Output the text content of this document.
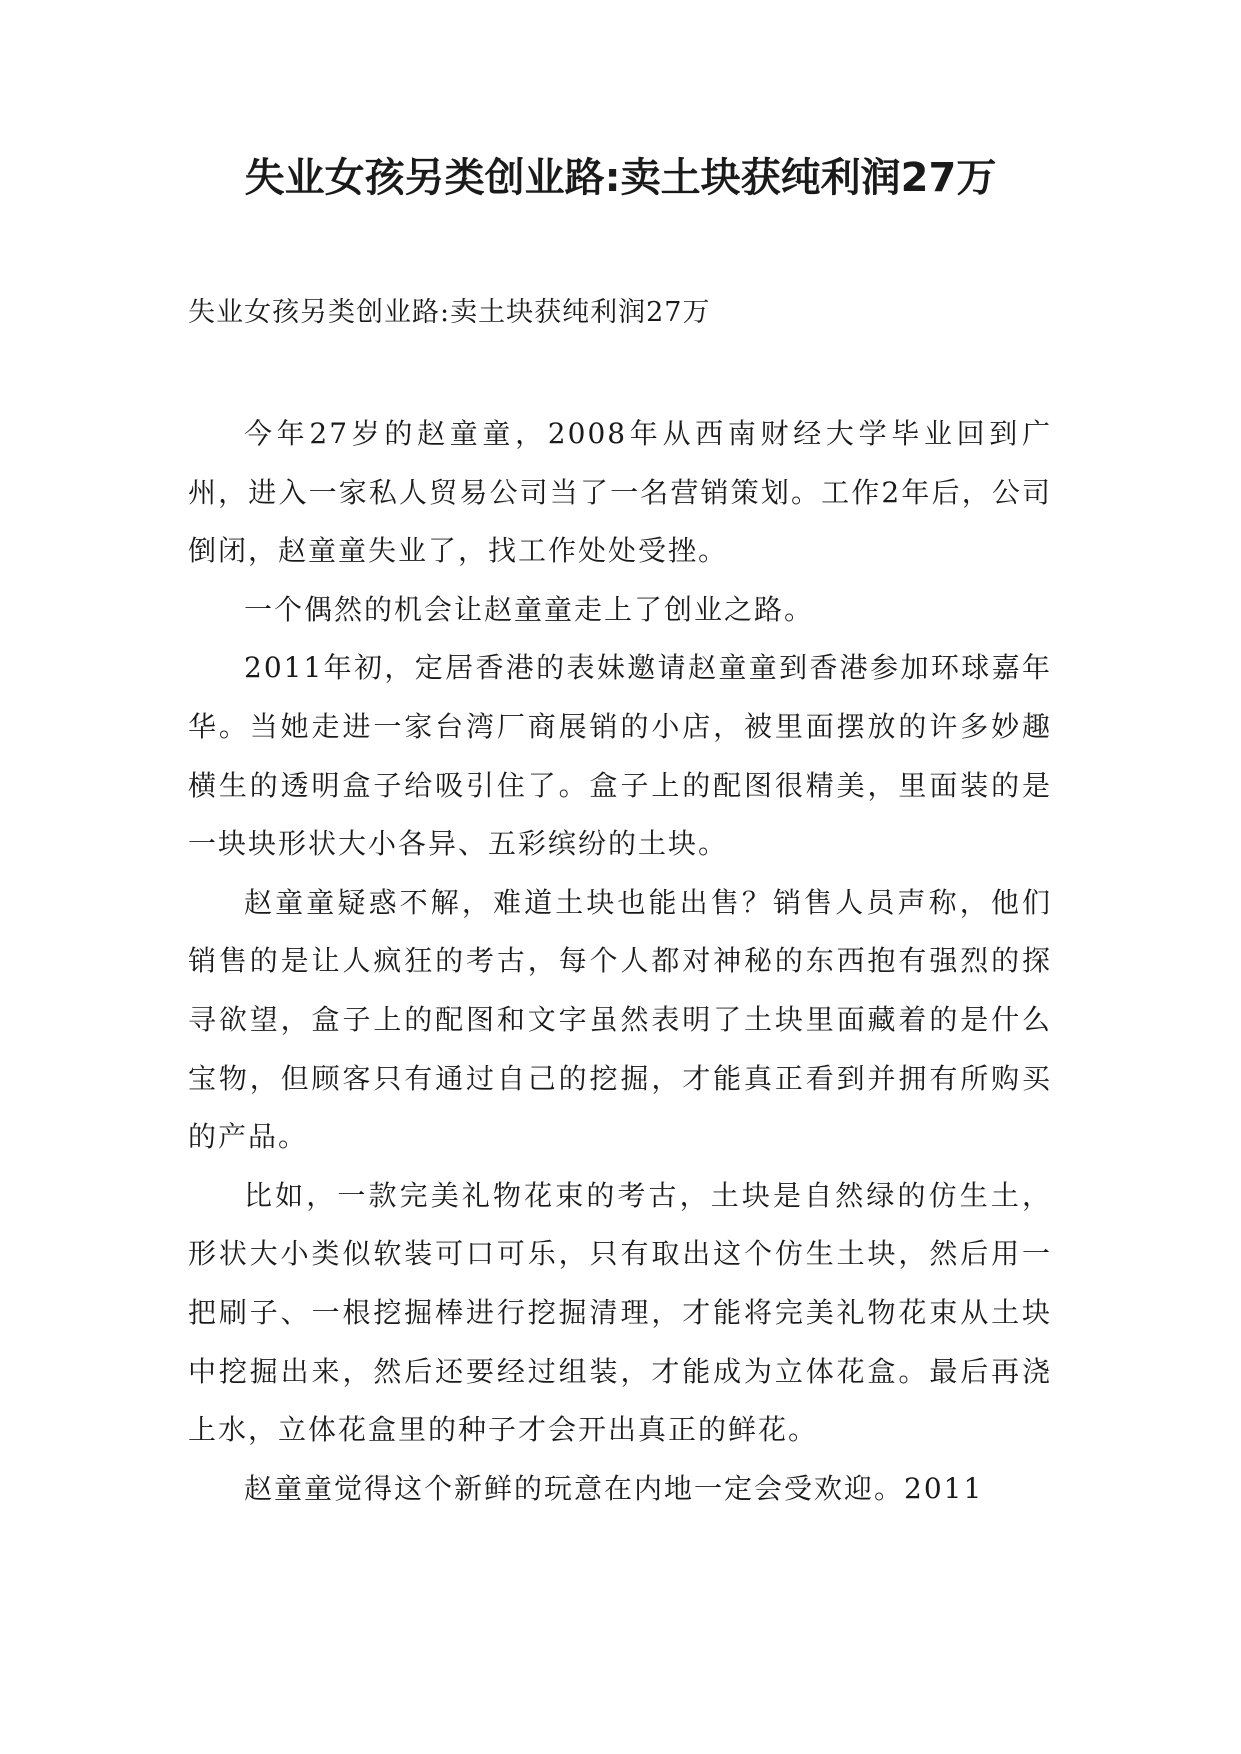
失业女孩另类创业路:卖土块获纯利润27万
失业女孩另类创业路:卖土块获纯利润27万

今年27岁的赵童童，2008年从西南财经大学毕业回到广州，进入一家私人贸易公司当了一名营销策划。工作2年后，公司倒闭，赵童童失业了，找工作处处受挫。

一个偶然的机会让赵童童走上了创业之路。

2011年初，定居香港的表妹邀请赵童童到香港参加环球嘉年华。当她走进一家台湾厂商展销的小店，被里面摆放的许多妙趣横生的透明盒子给吸引住了。盒子上的配图很精美，里面装的是一块块形状大小各异、五彩缤纷的土块。

赵童童疑惑不解，难道土块也能出售？销售人员声称，他们销售的是让人疯狂的考古，每个人都对神秘的东西抱有强烈的探寻欲望，盒子上的配图和文字虽然表明了土块里面藏着的是什么宝物，但顾客只有通过自己的挖掘，才能真正看到并拥有所购买的产品。

比如，一款完美礼物花束的考古，土块是自然绿的仿生土，形状大小类似软装可口可乐，只有取出这个仿生土块，然后用一把刷子、一根挖掘棒进行挖掘清理，才能将完美礼物花束从土块中挖掘出来，然后还要经过组装，才能成为立体花盒。最后再浇上水，立体花盒里的种子才会开出真正的鲜花。

赵童童觉得这个新鲜的玩意在内地一定会受欢迎。2011
